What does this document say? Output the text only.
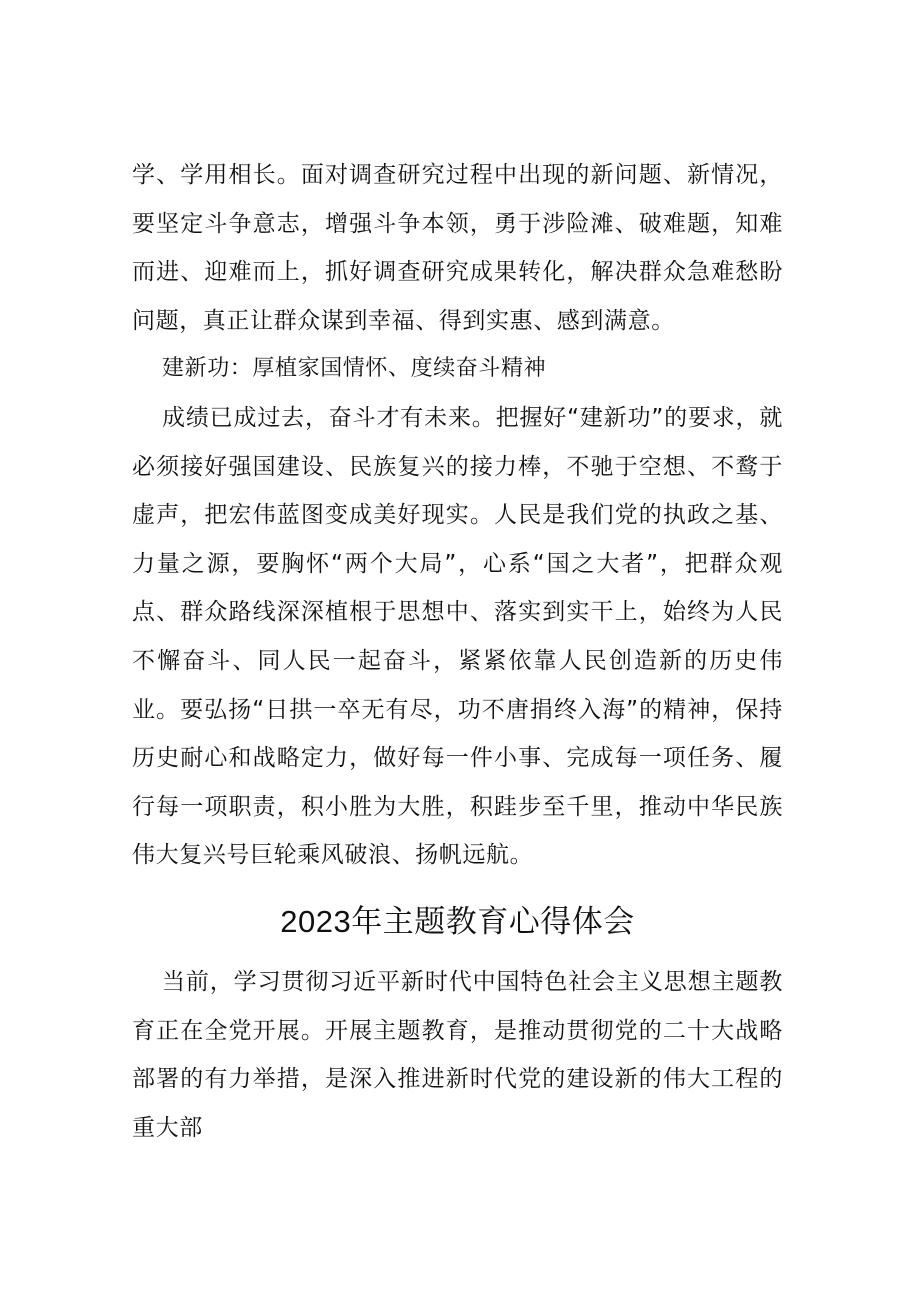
学、学用相长。面对调查研究过程中出现的新问题、新情况，要坚定斗争意志，增强斗争本领，勇于涉险滩、破难题，知难而进、迎难而上，抓好调查研究成果转化，解决群众急难愁盼问题，真正让群众谋到幸福、得到实惠、感到满意。

建新功：厚植家国情怀、度续奋斗精神

成绩已成过去，奋斗才有未来。把握好“建新功”的要求，就必须接好强国建设、民族复兴的接力棒，不驰于空想、不鹜于虚声，把宏伟蓝图变成美好现实。人民是我们党的执政之基、力量之源，要胸怀“两个大局”，心系“国之大者”，把群众观点、群众路线深深植根于思想中、落实到实干上，始终为人民不懈奋斗、同人民一起奋斗，紧紧依靠人民创造新的历史伟业。要弘扬“日拱一卒无有尽，功不唐捐终入海”的精神，保持历史耐心和战略定力，做好每一件小事、完成每一项任务、履行每一项职责，积小胜为大胜，积跬步至千里，推动中华民族伟大复兴号巨轮乘风破浪、扬帆远航。

2023年主题教育心得体会

当前，学习贯彻习近平新时代中国特色社会主义思想主题教育正在全党开展。开展主题教育，是推动贯彻党的二十大战略部署的有力举措，是深入推进新时代党的建设新的伟大工程的重大部
